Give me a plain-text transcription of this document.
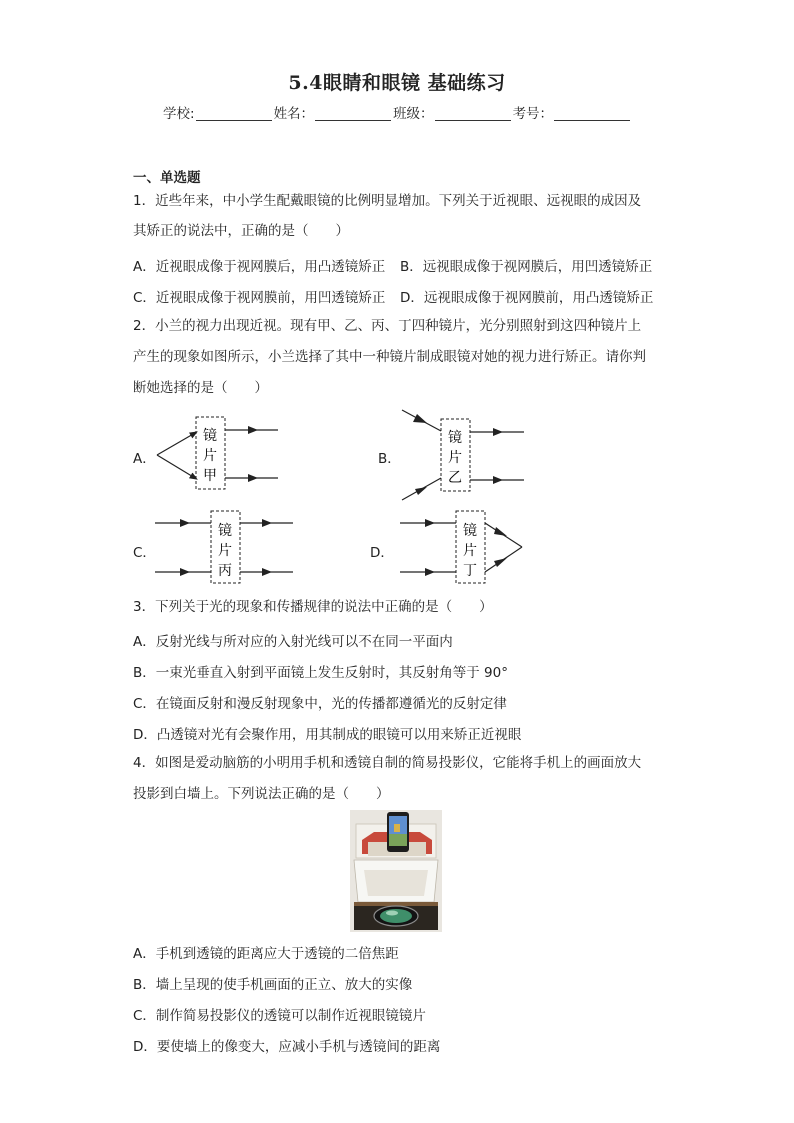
5.4眼睛和眼镜 基础练习
学校:	姓名：	班级：	考号：
一、单选题
1．近些年来，中小学生配戴眼镜的比例明显增加。下列关于近视眼、远视眼的成因及
其矫正的说法中，正确的是（　　）
A．近视眼成像于视网膜后，用凸透镜矫正 B．远视眼成像于视网膜后，用凹透镜矫正
C．近视眼成像于视网膜前，用凹透镜矫正 D．远视眼成像于视网膜前，用凸透镜矫正
2．小兰的视力出现近视。现有甲、乙、丙、丁四种镜片，光分别照射到这四种镜片上
产生的现象如图所示，小兰选择了其中一种镜片制成眼镜对她的视力进行矫正。请你判
断她选择的是（　　）
A．	B．
C．	D．
镜
片
甲
镜
片
乙
镜
片
丙
镜
片
丁
3．下列关于光的现象和传播规律的说法中正确的是（　　）
A．反射光线与所对应的入射光线可以不在同一平面内
B．一束光垂直入射到平面镜上发生反射时，其反射角等于 90°
C．在镜面反射和漫反射现象中，光的传播都遵循光的反射定律
D．凸透镜对光有会聚作用，用其制成的眼镜可以用来矫正近视眼
4．如图是爱动脑筋的小明用手机和透镜自制的简易投影仪，它能将手机上的画面放大
投影到白墙上。下列说法正确的是（　　）
A．手机到透镜的距离应大于透镜的二倍焦距
B．墙上呈现的使手机画面的正立、放大的实像
C．制作简易投影仪的透镜可以制作近视眼镜镜片
D．要使墙上的像变大，应减小手机与透镜间的距离
